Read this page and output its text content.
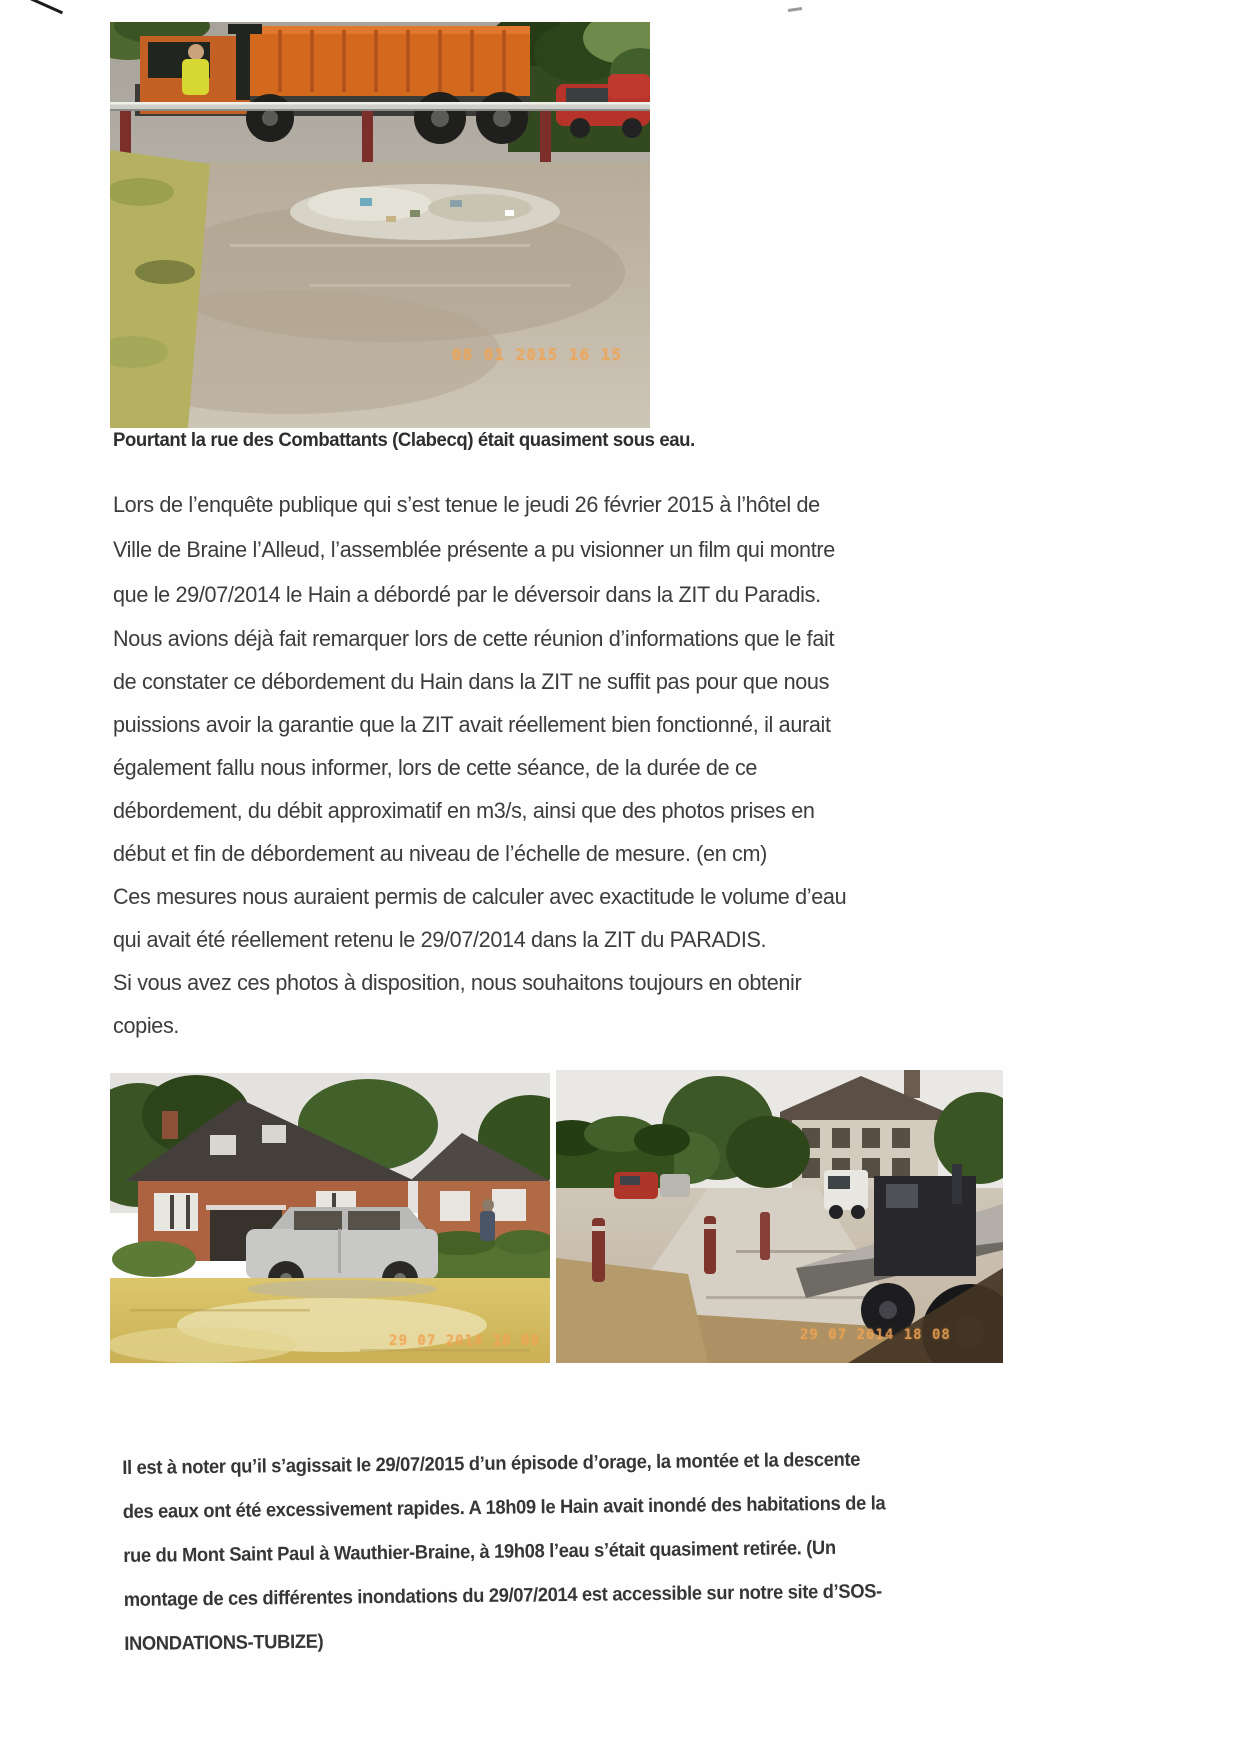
08 01 2015 16 15
Pourtant la rue des Combattants (Clabecq) était quasiment sous eau.
Lors de l’enquête publique qui s’est tenue le jeudi 26 février 2015 à l’hôtel de
Ville de Braine l’Alleud, l’assemblée présente a pu visionner un film qui montre
que le 29/07/2014 le Hain a débordé par le déversoir dans la ZIT du Paradis.
Nous avions déjà fait remarquer lors de cette réunion d’informations que le fait
de constater ce débordement du Hain dans la ZIT ne suffit pas pour que nous
puissions avoir la garantie que la ZIT avait réellement bien fonctionné, il aurait
également fallu nous informer, lors de cette séance, de la durée de ce
débordement, du débit approximatif en m3/s, ainsi que des photos prises en
début et fin de débordement au niveau de l’échelle de mesure. (en cm)
Ces mesures nous auraient permis de calculer avec exactitude le volume d’eau
qui avait été réellement retenu le 29/07/2014 dans la ZIT du PARADIS.
Si vous avez ces photos à disposition, nous souhaitons toujours en obtenir
copies.
29 07 2014 18 08	29 07 2014 18 08
Il est à noter qu’il s’agissait le 29/07/2015 d’un épisode d’orage, la montée et la descente
des eaux ont été excessivement rapides. A 18h09 le Hain avait inondé des habitations de la
rue du Mont Saint Paul à Wauthier-Braine, à 19h08 l’eau s’était quasiment retirée. (Un
montage de ces différentes inondations du 29/07/2014 est accessible sur notre site d’SOS-
INONDATIONS-TUBIZE)
